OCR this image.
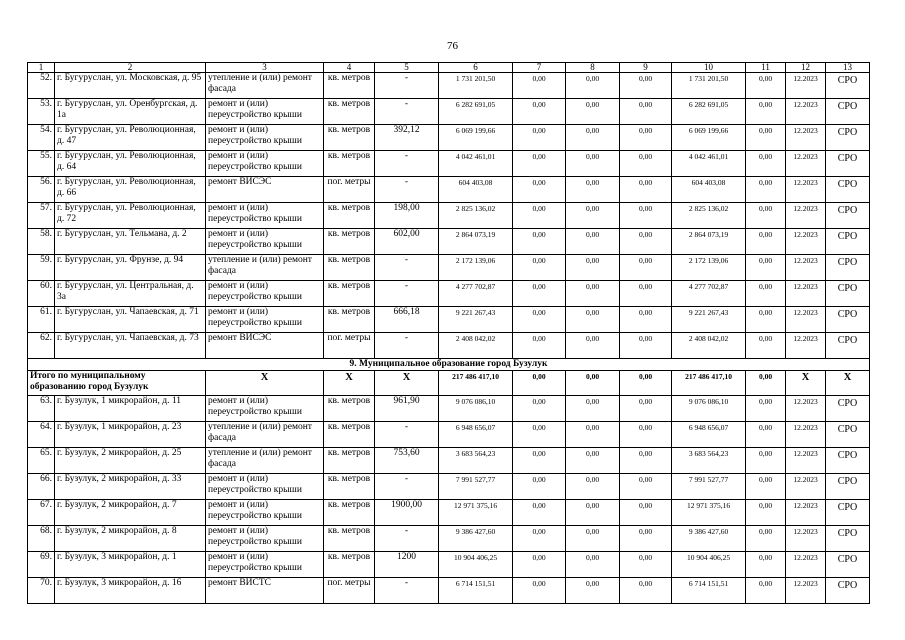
76
1	2	3	4	5	6	7	8	9	10	11	12	13
52.	г. Бугуруслан, ул. Московская, д. 95	утепление и (или) ремонт фасада	кв. метров	-	1 731 201,50	0,00	0,00	0,00	1 731 201,50	0,00	12.2023	СРО
53.	г. Бугуруслан, ул. Оренбургская, д. 1а	ремонт и (или) переустройство крыши	кв. метров	-	6 282 691,05	0,00	0,00	0,00	6 282 691,05	0,00	12.2023	СРО
54.	г. Бугуруслан, ул. Революционная, д. 47	ремонт и (или) переустройство крыши	кв. метров	392,12	6 069 199,66	0,00	0,00	0,00	6 069 199,66	0,00	12.2023	СРО
55.	г. Бугуруслан, ул. Революционная, д. 64	ремонт и (или) переустройство крыши	кв. метров	-	4 042 461,01	0,00	0,00	0,00	4 042 461,01	0,00	12.2023	СРО
56.	г. Бугуруслан, ул. Революционная, д. 66	ремонт ВИСЭС	пог. метры	-	604 403,08	0,00	0,00	0,00	604 403,08	0,00	12.2023	СРО
57.	г. Бугуруслан, ул. Революционная, д. 72	ремонт и (или) переустройство крыши	кв. метров	198,00	2 825 136,02	0,00	0,00	0,00	2 825 136,02	0,00	12.2023	СРО
58.	г. Бугуруслан, ул. Тельмана, д. 2	ремонт и (или) переустройство крыши	кв. метров	602,00	2 864 073,19	0,00	0,00	0,00	2 864 073,19	0,00	12.2023	СРО
59.	г. Бугуруслан, ул. Фрунзе, д. 94	утепление и (или) ремонт фасада	кв. метров	-	2 172 139,06	0,00	0,00	0,00	2 172 139,06	0,00	12.2023	СРО
60.	г. Бугуруслан, ул. Центральная, д. 3а	ремонт и (или) переустройство крыши	кв. метров	-	4 277 702,87	0,00	0,00	0,00	4 277 702,87	0,00	12.2023	СРО
61.	г. Бугуруслан, ул. Чапаевская, д. 71	ремонт и (или) переустройство крыши	кв. метров	666,18	9 221 267,43	0,00	0,00	0,00	9 221 267,43	0,00	12.2023	СРО
62.	г. Бугуруслан, ул. Чапаевская, д. 73	ремонт ВИСЭС	пог. метры	-	2 408 042,02	0,00	0,00	0,00	2 408 042,02	0,00	12.2023	СРО
9. Муниципальное образование город Бузулук												
Итого по муниципальному образованию город Бузулук		X	X	X	217 486 417,10	0,00	0,00	0,00	217 486 417,10	0,00	X	X
63.	г. Бузулук, 1 микрорайон, д. 11	ремонт и (или) переустройство крыши	кв. метров	961,90	9 076 086,10	0,00	0,00	0,00	9 076 086,10	0,00	12.2023	СРО
64.	г. Бузулук, 1 микрорайон, д. 23	утепление и (или) ремонт фасада	кв. метров	-	6 948 656,07	0,00	0,00	0,00	6 948 656,07	0,00	12.2023	СРО
65.	г. Бузулук, 2 микрорайон, д. 25	утепление и (или) ремонт фасада	кв. метров	753,60	3 683 564,23	0,00	0,00	0,00	3 683 564,23	0,00	12.2023	СРО
66.	г. Бузулук, 2 микрорайон, д. 33	ремонт и (или) переустройство крыши	кв. метров	-	7 991 527,77	0,00	0,00	0,00	7 991 527,77	0,00	12.2023	СРО
67.	г. Бузулук, 2 микрорайон, д. 7	ремонт и (или) переустройство крыши	кв. метров	1900,00	12 971 375,16	0,00	0,00	0,00	12 971 375,16	0,00	12.2023	СРО
68.	г. Бузулук, 2 микрорайон, д. 8	ремонт и (или) переустройство крыши	кв. метров	-	9 386 427,60	0,00	0,00	0,00	9 386 427,60	0,00	12.2023	СРО
69.	г. Бузулук, 3 микрорайон, д. 1	ремонт и (или) переустройство крыши	кв. метров	1200	10 904 406,25	0,00	0,00	0,00	10 904 406,25	0,00	12.2023	СРО
70.	г. Бузулук, 3 микрорайон, д. 16	ремонт ВИСТС	пог. метры	-	6 714 151,51	0,00	0,00	0,00	6 714 151,51	0,00	12.2023	СРО
